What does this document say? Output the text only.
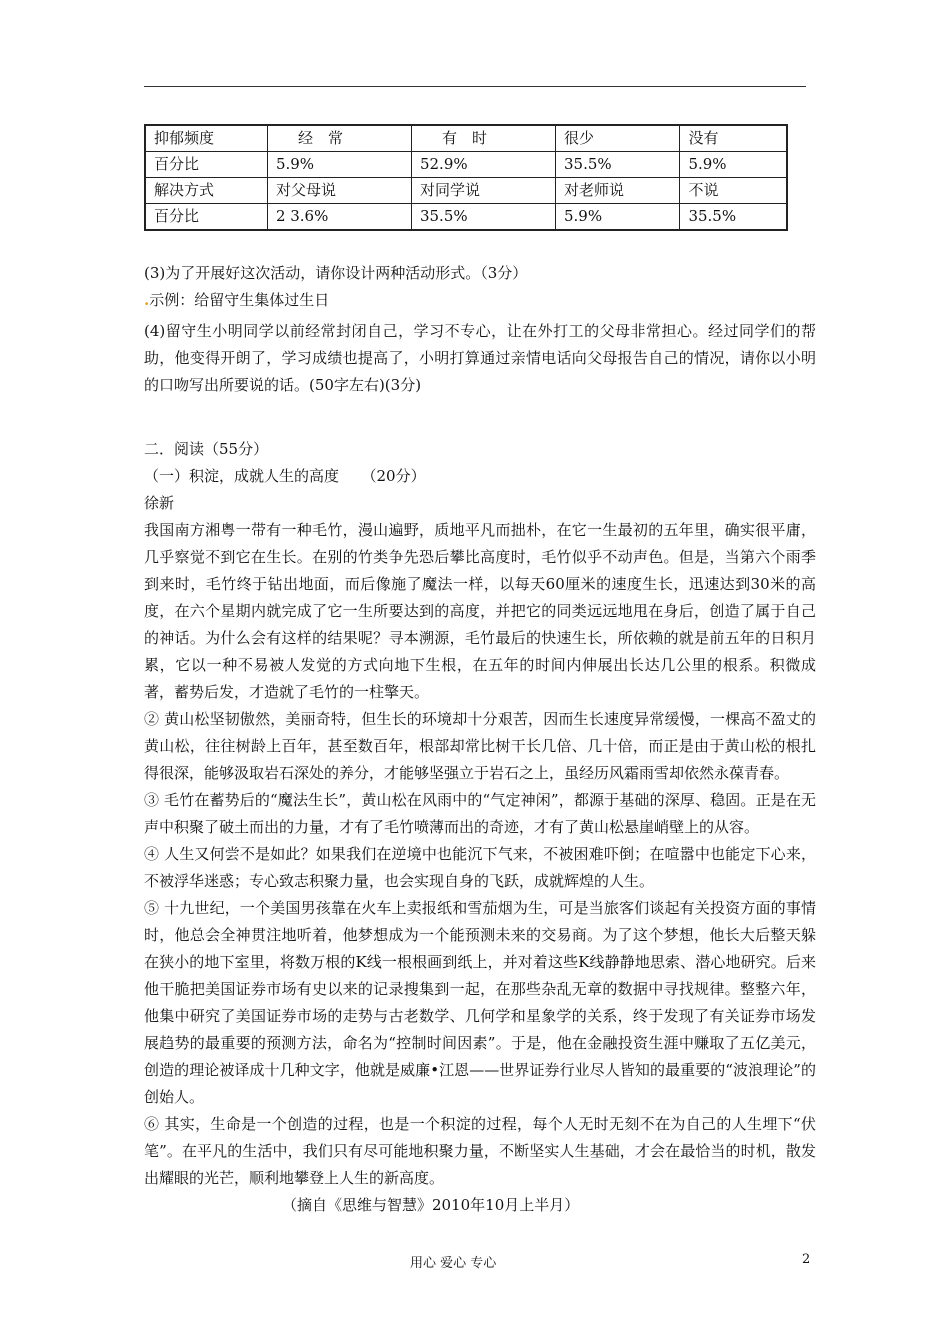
抑郁频度	经　常	有　时	很少	没有
百分比	5.9%	52.9%	35.5%	5.9%
解决方式	对父母说	对同学说	对老师说	不说
百分比	2 3.6%	35.5%	5.9%	35.5%

(3)为了开展好这次活动，请你设计两种活动形式。（3分）

.示例：给留守生集体过生日

(4)留守生小明同学以前经常封闭自己，学习不专心，让在外打工的父母非常担心。经过同学们的帮助，他变得开朗了，学习成绩也提高了，小明打算通过亲情电话向父母报告自己的情况，请你以小明的口吻写出所要说的话。(50字左右)(3分)

二．阅读（55分）

（一）积淀，成就人生的高度　　（20分）

徐新

我国南方湘粤一带有一种毛竹，漫山遍野，质地平凡而拙朴，在它一生最初的五年里，确实很平庸，几乎察觉不到它在生长。在别的竹类争先恐后攀比高度时，毛竹似乎不动声色。但是，当第六个雨季到来时，毛竹终于钻出地面，而后像施了魔法一样，以每天60厘米的速度生长，迅速达到30米的高度，在六个星期内就完成了它一生所要达到的高度，并把它的同类远远地甩在身后，创造了属于自己的神话。为什么会有这样的结果呢？寻本溯源，毛竹最后的快速生长，所依赖的就是前五年的日积月累，它以一种不易被人发觉的方式向地下生根，在五年的时间内伸展出长达几公里的根系。积微成著，蓄势后发，才造就了毛竹的一柱擎天。

② 黄山松坚韧傲然，美丽奇特，但生长的环境却十分艰苦，因而生长速度异常缓慢，一棵高不盈丈的黄山松，往往树龄上百年，甚至数百年，根部却常比树干长几倍、几十倍，而正是由于黄山松的根扎得很深，能够汲取岩石深处的养分，才能够坚强立于岩石之上，虽经历风霜雨雪却依然永葆青春。

③ 毛竹在蓄势后的“魔法生长”，黄山松在风雨中的“气定神闲”，都源于基础的深厚、稳固。正是在无声中积聚了破土而出的力量，才有了毛竹喷薄而出的奇迹，才有了黄山松悬崖峭壁上的从容。

④ 人生又何尝不是如此？如果我们在逆境中也能沉下气来，不被困难吓倒；在喧嚣中也能定下心来，不被浮华迷惑；专心致志积聚力量，也会实现自身的飞跃，成就辉煌的人生。

⑤ 十九世纪，一个美国男孩靠在火车上卖报纸和雪茄烟为生，可是当旅客们谈起有关投资方面的事情时，他总会全神贯注地听着，他梦想成为一个能预测未来的交易商。为了这个梦想，他长大后整天躲在狭小的地下室里，将数万根的K线一根根画到纸上，并对着这些K线静静地思索、潜心地研究。后来他干脆把美国证券市场有史以来的记录搜集到一起，在那些杂乱无章的数据中寻找规律。整整六年，他集中研究了美国证券市场的走势与古老数学、几何学和星象学的关系，终于发现了有关证券市场发展趋势的最重要的预测方法，命名为“控制时间因素”。于是，他在金融投资生涯中赚取了五亿美元，创造的理论被译成十几种文字，他就是威廉•江恩——世界证券行业尽人皆知的最重要的“波浪理论”的创始人。

⑥ 其实，生命是一个创造的过程，也是一个积淀的过程，每个人无时无刻不在为自己的人生埋下“伏笔”。在平凡的生活中，我们只有尽可能地积聚力量，不断坚实人生基础，才会在最恰当的时机，散发出耀眼的光芒，顺利地攀登上人生的新高度。

（摘自《思维与智慧》2010年10月上半月）

用心 爱心 专心	2
